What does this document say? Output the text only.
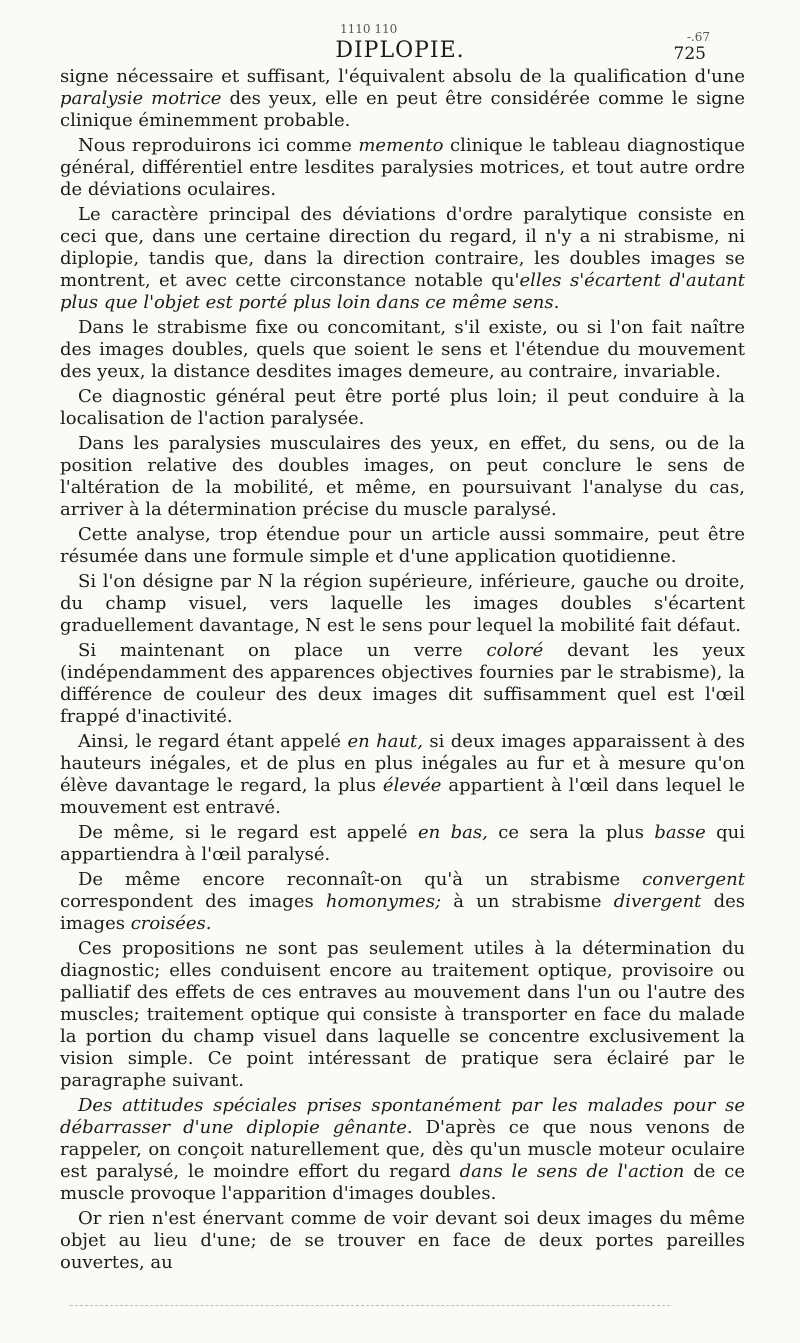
1110 110
DIPLOPIE.
-.67
725

signe nécessaire et suffisant, l'équivalent absolu de la qualification d'une paralysie motrice des yeux, elle en peut être considérée comme le signe clinique éminemment probable.

Nous reproduirons ici comme memento clinique le tableau diagnostique général, différentiel entre lesdites paralysies motrices, et tout autre ordre de déviations oculaires.

Le caractère principal des déviations d'ordre paralytique consiste en ceci que, dans une certaine direction du regard, il n'y a ni strabisme, ni diplopie, tandis que, dans la direction contraire, les doubles images se montrent, et avec cette circonstance notable qu'elles s'écartent d'autant plus que l'objet est porté plus loin dans ce même sens.

Dans le strabisme fixe ou concomitant, s'il existe, ou si l'on fait naître des images doubles, quels que soient le sens et l'étendue du mouvement des yeux, la distance desdites images demeure, au contraire, invariable.

Ce diagnostic général peut être porté plus loin; il peut conduire à la localisation de l'action paralysée.

Dans les paralysies musculaires des yeux, en effet, du sens, ou de la position relative des doubles images, on peut conclure le sens de l'altération de la mobilité, et même, en poursuivant l'analyse du cas, arriver à la détermination précise du muscle paralysé.

Cette analyse, trop étendue pour un article aussi sommaire, peut être résumée dans une formule simple et d'une application quotidienne.

Si l'on désigne par N la région supérieure, inférieure, gauche ou droite, du champ visuel, vers laquelle les images doubles s'écartent graduellement davantage, N est le sens pour lequel la mobilité fait défaut.

Si maintenant on place un verre coloré devant les yeux (indépendamment des apparences objectives fournies par le strabisme), la différence de couleur des deux images dit suffisamment quel est l'œil frappé d'inactivité.

Ainsi, le regard étant appelé en haut, si deux images apparaissent à des hauteurs inégales, et de plus en plus inégales au fur et à mesure qu'on élève davantage le regard, la plus élevée appartient à l'œil dans lequel le mouvement est entravé.

De même, si le regard est appelé en bas, ce sera la plus basse qui appartiendra à l'œil paralysé.

De même encore reconnaît-on qu'à un strabisme convergent correspondent des images homonymes; à un strabisme divergent des images croisées.

Ces propositions ne sont pas seulement utiles à la détermination du diagnostic; elles conduisent encore au traitement optique, provisoire ou palliatif des effets de ces entraves au mouvement dans l'un ou l'autre des muscles; traitement optique qui consiste à transporter en face du malade la portion du champ visuel dans laquelle se concentre exclusivement la vision simple. Ce point intéressant de pratique sera éclairé par le paragraphe suivant.

Des attitudes spéciales prises spontanément par les malades pour se débarrasser d'une diplopie gênante. D'après ce que nous venons de rappeler, on conçoit naturellement que, dès qu'un muscle moteur oculaire est paralysé, le moindre effort du regard dans le sens de l'action de ce muscle provoque l'apparition d'images doubles.

Or rien n'est énervant comme de voir devant soi deux images du même objet au lieu d'une; de se trouver en face de deux portes pareilles ouvertes, au
